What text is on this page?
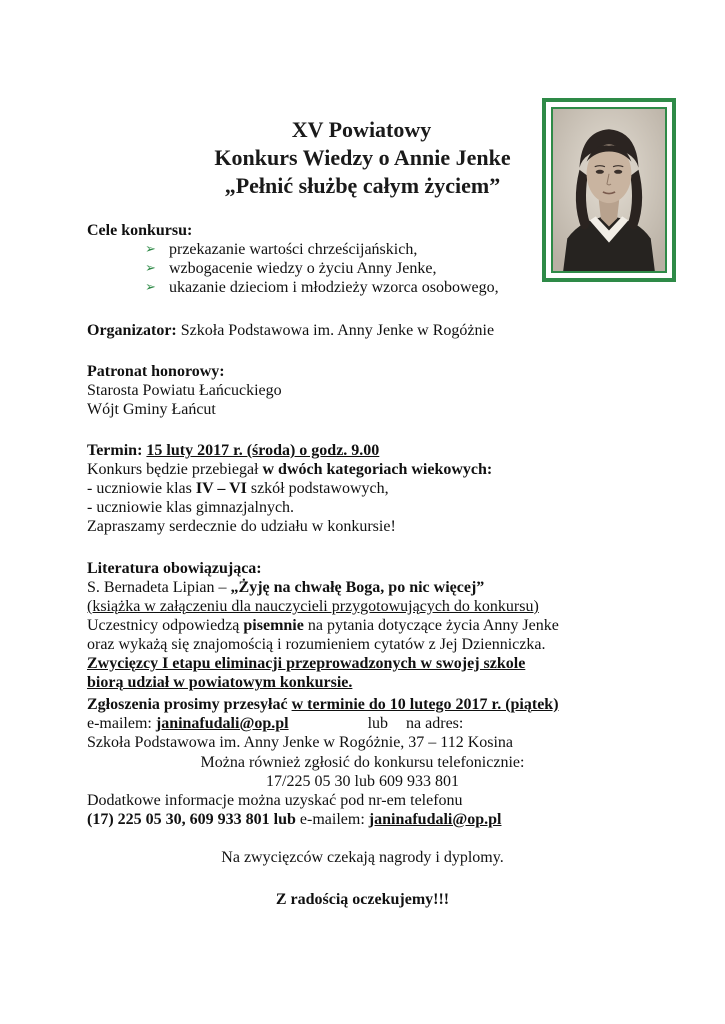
XV Powiatowy
Konkurs Wiedzy o Annie Jenke
„Pełnić służbę całym życiem”
Cele konkursu:
➢ przekazanie wartości chrześcijańskich,
➢ wzbogacenie wiedzy o życiu Anny Jenke,
➢ ukazanie dzieciom i młodzieży wzorca osobowego,
Organizator: Szkoła Podstawowa im. Anny Jenke w Rogóżnie
Patronat honorowy:
Starosta Powiatu Łańcuckiego
Wójt Gminy Łańcut
Termin: 15 luty 2017 r. (środa) o godz. 9.00
Konkurs będzie przebiegał w dwóch kategoriach wiekowych:
- uczniowie klas IV – VI szkół podstawowych,
- uczniowie klas gimnazjalnych.
Zapraszamy serdecznie do udziału w konkursie!
Literatura obowiązująca:
S. Bernadeta Lipian – „Żyję na chwałę Boga, po nic więcej”
(książka w załączeniu dla nauczycieli przygotowujących do konkursu)
Uczestnicy odpowiedzą pisemnie na pytania dotyczące życia Anny Jenke
oraz wykażą się znajomością i rozumieniem cytatów z Jej Dzienniczka.
Zwycięzcy I etapu eliminacji przeprowadzonych w swojej szkole
biorą udział w powiatowym konkursie.
Zgłoszenia prosimy przesyłać w terminie do 10 lutego 2017 r. (piątek)
e-mailem: janinafudali@op.pl	lub na adres:
Szkoła Podstawowa im. Anny Jenke w Rogóżnie, 37 – 112 Kosina
Można również zgłosić do konkursu telefonicznie:
17/225 05 30 lub 609 933 801
Dodatkowe informacje można uzyskać pod nr-em telefonu
(17) 225 05 30, 609 933 801 lub e-mailem: janinafudali@op.pl
Na zwycięzców czekają nagrody i dyplomy.
Z radością oczekujemy!!!
